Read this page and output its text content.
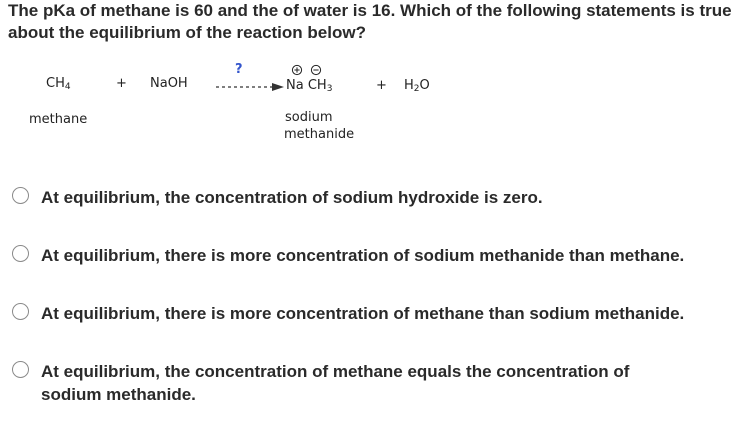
The pKa of methane is 60 and the of water is 16. Which of the following statements is true about the equilibrium of the reaction below?
$CH_4$
methane
+ NaOH
?
Na $CH_3$
sodium
methanide
+ $H_2O$
At equilibrium, the concentration of sodium hydroxide is zero.
At equilibrium, there is more concentration of sodium methanide than methane.
At equilibrium, there is more concentration of methane than sodium methanide.
At equilibrium, the concentration of methane equals the concentration of sodium methanide.
